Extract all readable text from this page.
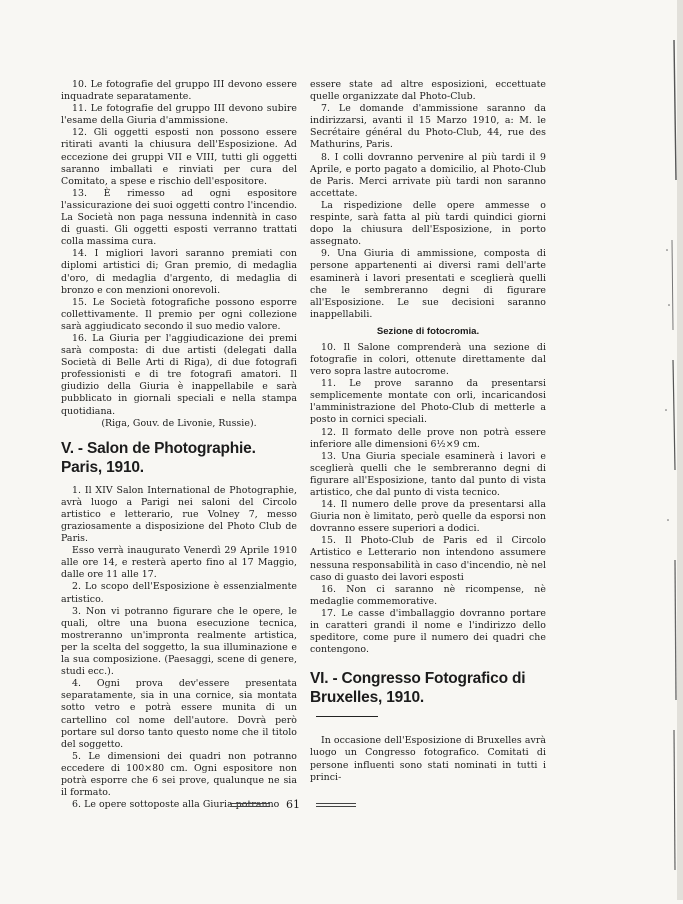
10. Le fotografie del gruppo III devono essere inquadrate separatamente.

11. Le fotografie del gruppo III devono subire l'esame della Giuria d'ammissione.

12. Gli oggetti esposti non possono essere ritirati avanti la chiusura dell'Esposizione. Ad eccezione dei gruppi VII e VIII, tutti gli oggetti saranno imballati e rinviati per cura del Comitato, a spese e rischio dell'espositore.

13. È rimesso ad ogni espositore l'assicurazione dei suoi oggetti contro l'incendio. La Società non paga nessuna indennità in caso di guasti. Gli oggetti esposti verranno trattati colla massima cura.

14. I migliori lavori saranno premiati con diplomi artistici di; Gran premio, di medaglia d'oro, di medaglia d'argento, di medaglia di bronzo e con menzioni onorevoli.

15. Le Società fotografiche possono esporre collettivamente. Il premio per ogni collezione sarà aggiudicato secondo il suo medio valore.

16. La Giuria per l'aggiudicazione dei premi sarà composta: di due artisti (delegati dalla Società di Belle Arti di Riga), di due fotografi professionisti e di tre fotografi amatori. Il giudizio della Giuria è inappellabile e sarà pubblicato in giornali speciali e nella stampa quotidiana.

(Riga, Gouv. de Livonie, Russie).

V. - Salon de Photographie. Paris, 1910.

1. Il XIV Salon International de Photographie, avrà luogo a Parigi nei saloni del Circolo artistico e letterario, rue Volney 7, messo graziosamente a disposizione del Photo Club de Paris.

Esso verrà inaugurato Venerdì 29 Aprile 1910 alle ore 14, e resterà aperto fino al 17 Maggio, dalle ore 11 alle 17.

2. Lo scopo dell'Esposizione è essenzialmente artistico.

3. Non vi potranno figurare che le opere, le quali, oltre una buona esecuzione tecnica, mostreranno un'impronta realmente artistica, per la scelta del soggetto, la sua illuminazione e la sua composizione. (Paesaggi, scene di genere, studi ecc.).

4. Ogni prova dev'essere presentata separatamente, sia in una cornice, sia montata sotto vetro e potrà essere munita di un cartellino col nome dell'autore. Dovrà però portare sul dorso tanto questo nome che il titolo del soggetto.

5. Le dimensioni dei quadri non potranno eccedere di 100×80 cm. Ogni espositore non potrà esporre che 6 sei prove, qualunque ne sia il formato.

6. Le opere sottoposte alla Giuria potranno

essere state ad altre esposizioni, eccettuate quelle organizzate dal Photo-Club.

7. Le domande d'ammissione saranno da indirizzarsi, avanti il 15 Marzo 1910, a: M. le Secrétaire général du Photo-Club, 44, rue des Mathurins, Paris.

8. I colli dovranno pervenire al più tardi il 9 Aprile, e porto pagato a domicilio, al Photo-Club de Paris. Merci arrivate più tardi non saranno accettate.

La rispedizione delle opere ammesse o respinte, sarà fatta al più tardi quindici giorni dopo la chiusura dell'Esposizione, in porto assegnato.

9. Una Giuria di ammissione, composta di persone appartenenti ai diversi rami dell'arte esaminerà i lavori presentati e sceglierà quelli che le sembreranno degni di figurare all'Esposizione. Le sue decisioni saranno inappellabili.

Sezione di fotocromia.

10. Il Salone comprenderà una sezione di fotografie in colori, ottenute direttamente dal vero sopra lastre autocrome.

11. Le prove saranno da presentarsi semplicemente montate con orli, incaricandosi l'amministrazione del Photo-Club di metterle a posto in cornici speciali.

12. Il formato delle prove non potrà essere inferiore alle dimensioni 6½×9 cm.

13. Una Giuria speciale esaminerà i lavori e sceglierà quelli che le sembreranno degni di figurare all'Esposizione, tanto dal punto di vista artistico, che dal punto di vista tecnico.

14. Il numero delle prove da presentarsi alla Giuria non è limitato, però quelle da esporsi non dovranno essere superiori a dodici.

15. Il Photo-Club de Paris ed il Circolo Artistico e Letterario non intendono assumere nessuna responsabilità in caso d'incendio, nè nel caso di guasto dei lavori esposti

16. Non ci saranno nè ricompense, nè medaglie commemorative.

17. Le casse d'imballaggio dovranno portare in caratteri grandi il nome e l'indirizzo dello speditore, come pure il numero dei quadri che contengono.

VI. - Congresso Fotografico di Bruxelles, 1910.

In occasione dell'Esposizione di Bruxelles avrà luogo un Congresso fotografico. Comitati di persone influenti sono stati nominati in tutti i princi-

61
